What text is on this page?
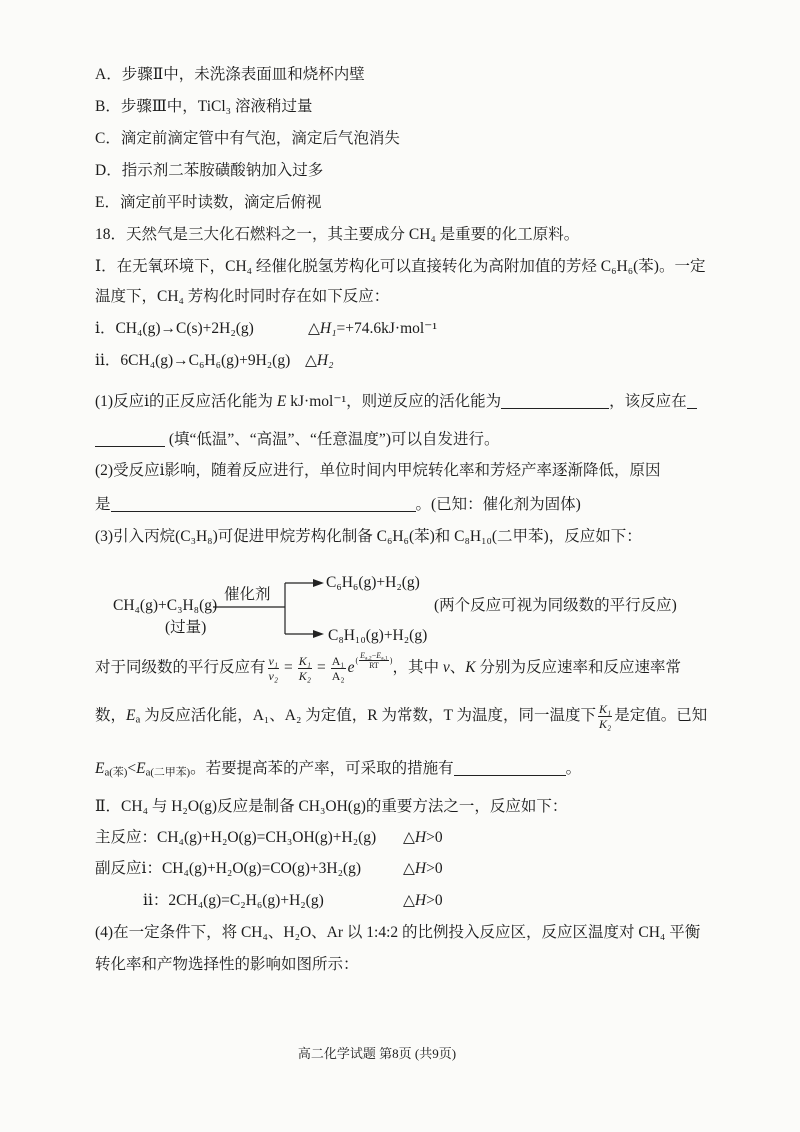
A．步骤Ⅱ中，未洗涤表面皿和烧杯内壁
B．步骤Ⅲ中，TiCl₃ 溶液稍过量
C．滴定前滴定管中有气泡，滴定后气泡消失
D．指示剂二苯胺磺酸钠加入过多
E．滴定前平时读数，滴定后俯视
18．天然气是三大化石燃料之一，其主要成分 CH₄ 是重要的化工原料。
Ⅰ．在无氧环境下，CH₄ 经催化脱氢芳构化可以直接转化为高附加值的芳烃 C₆H₆(苯)。一定
温度下，CH₄ 芳构化时同时存在如下反应：
ⅰ．CH₄(g)→C(s)+2H₂(g)	△H₁=+74.6kJ·mol⁻¹
ⅱ．6CH₄(g)→C₆H₆(g)+9H₂(g) △H₂
(1)反应ⅰ的正反应活化能为 E kJ·mol⁻¹，则逆反应的活化能为	，该反应在
(填“低温”、“高温”、“任意温度”)可以自发进行。
(2)受反应ⅰ影响，随着反应进行，单位时间内甲烷转化率和芳烃产率逐渐降低，原因
是	。(已知：催化剂为固体)
(3)引入丙烷(C₃H₈)可促进甲烷芳构化制备 C₆H₆(苯)和 C₈H₁₀(二甲苯)，反应如下：
CH₄(g)+C₃H₈(g)
(过量)
催化剂
C₆H₆(g)+H₂(g)
C₈H₁₀(g)+H₂(g)
(两个反应可视为同级数的平行反应)
对于同级数的平行反应有 $\frac{\text{v₁}}{\text{v₂}} = \frac{\text{K₁}}{\text{K₂}} = \frac{\text{A₁}}{\text{A₂}}$ e ( $\frac{E_{a,2}-E_{a,1}}{RT}$ ) ，其中 v、K 分别为反应速率和反应速率常
数，$E_a$ 为反应活化能，A₁、A₂ 为定值，R 为常数，T 为温度，同一温度下 $\frac{\text{K₁}}{\text{K₂}}$ 是定值。已知
$E_{a(苯)}<E_{a(二甲苯)}$。若要提高苯的产率，可采取的措施有	。
Ⅱ．CH₄ 与 H₂O(g)反应是制备 CH₃OH(g)的重要方法之一，反应如下：
主反应：CH₄(g)+H₂O(g)=CH₃OH(g)+H₂(g) △H>0
副反应ⅰ：CH₄(g)+H₂O(g)=CO(g)+3H₂(g)	△H>0
ⅱ：2CH₄(g)=C₂H₆(g)+H₂(g)	△H>0
(4)在一定条件下，将 CH₄、H₂O、Ar 以 1:4:2 的比例投入反应区，反应区温度对 CH₄ 平衡
转化率和产物选择性的影响如图所示：
高二化学试题 第8页 (共9页)
